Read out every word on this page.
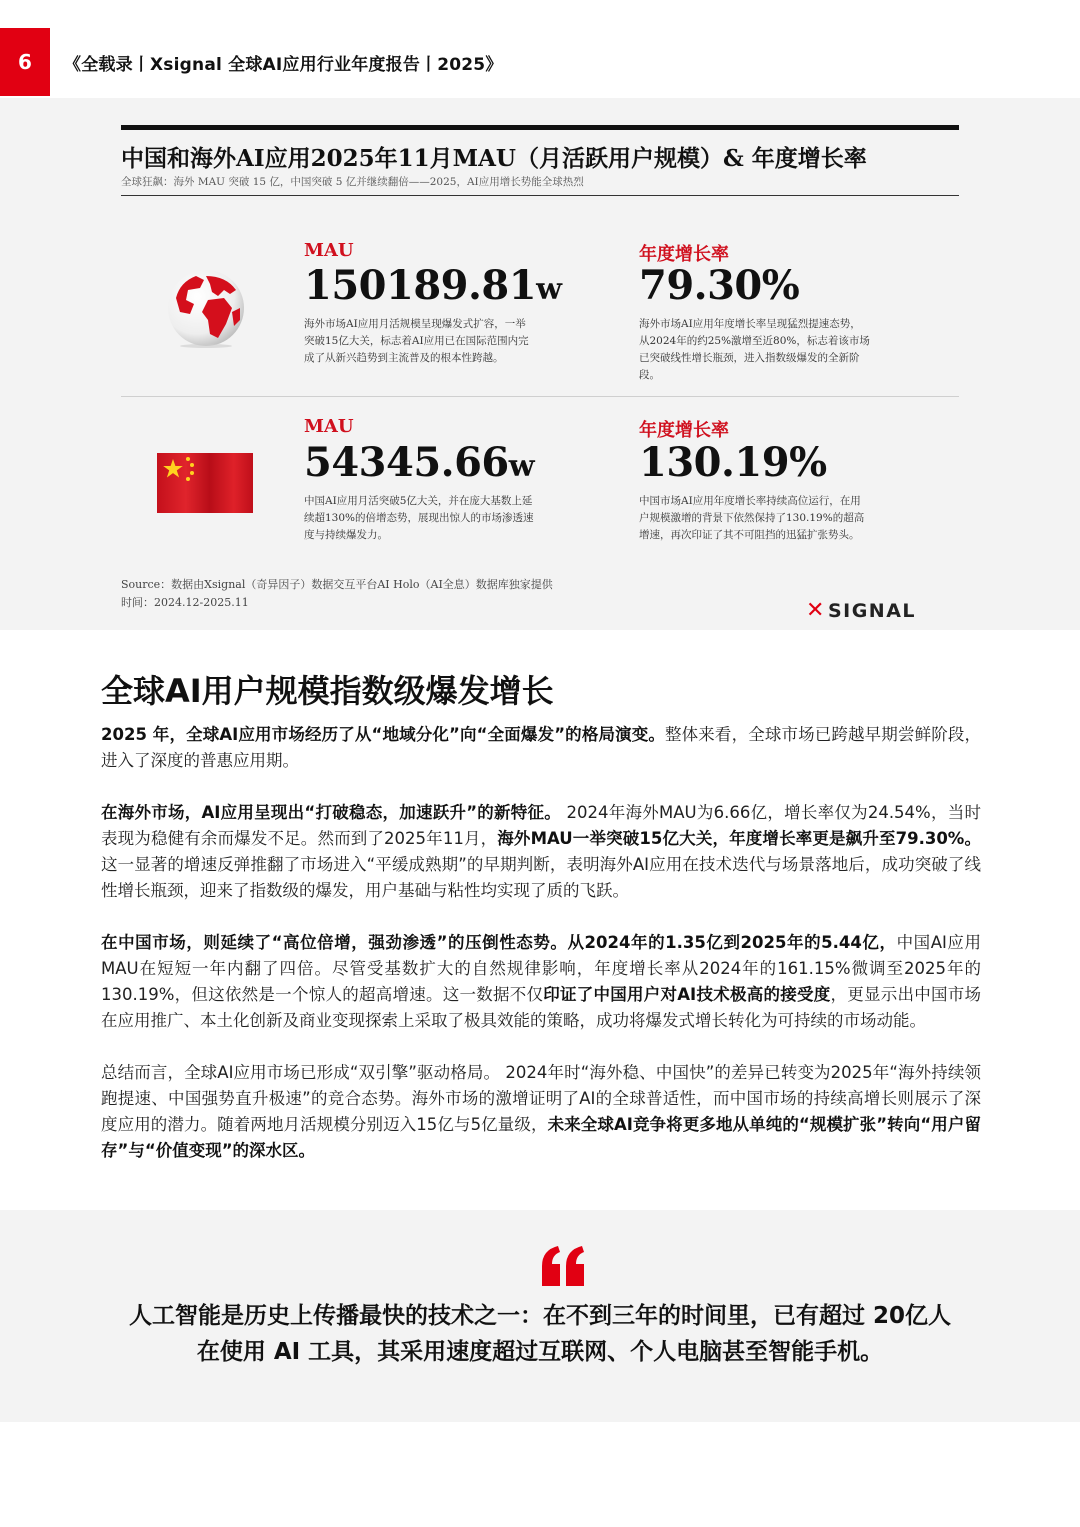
6	《全载录丨Xsignal 全球AI应用行业年度报告丨2025》
中国和海外AI应用2025年11月MAU（月活跃用户规模）& 年度增长率
全球狂飙：海外 MAU 突破 15 亿，中国突破 5 亿并继续翻倍——2025，AI应用增长势能全球热烈
MAU
150189.81w
海外市场AI应用月活规模呈现爆发式扩容，一举突破15亿大关，标志着AI应用已在国际范围内完成了从新兴趋势到主流普及的根本性跨越。
年度增长率
79.30%
海外市场AI应用年度增长率呈现猛烈提速态势，从2024年的约25%激增至近80%，标志着该市场已突破线性增长瓶颈，进入指数级爆发的全新阶段。
MAU
54345.66w
中国AI应用月活突破5亿大关，并在庞大基数上延续超130%的倍增态势，展现出惊人的市场渗透速度与持续爆发力。
年度增长率
130.19%
中国市场AI应用年度增长率持续高位运行，在用户规模激增的背景下依然保持了130.19%的超高增速，再次印证了其不可阻挡的迅猛扩张势头。
Source：数据由Xsignal（奇异因子）数据交互平台AI Holo（AI全息）数据库独家提供
时间：2024.12-2025.11	✕ SIGNAL
全球AI用户规模指数级爆发增长

2025 年，全球AI应用市场经历了从“地域分化”向“全面爆发”的格局演变。整体来看，全球市场已跨越早期尝鲜阶段，进入了深度的普惠应用期。

在海外市场，AI应用呈现出“打破稳态，加速跃升”的新特征。 2024年海外MAU为6.66亿，增长率仅为24.54%，当时表现为稳健有余而爆发不足。然而到了2025年11月，海外MAU一举突破15亿大关，年度增长率更是飙升至79.30%。这一显著的增速反弹推翻了市场进入“平缓成熟期”的早期判断，表明海外AI应用在技术迭代与场景落地后，成功突破了线性增长瓶颈，迎来了指数级的爆发，用户基础与粘性均实现了质的飞跃。

在中国市场，则延续了“高位倍增，强劲渗透”的压倒性态势。从2024年的1.35亿到2025年的5.44亿，中国AI应用MAU在短短一年内翻了四倍。尽管受基数扩大的自然规律影响，年度增长率从2024年的161.15%微调至2025年的130.19%，但这依然是一个惊人的超高增速。这一数据不仅印证了中国用户对AI技术极高的接受度，更显示出中国市场在应用推广、本土化创新及商业变现探索上采取了极具效能的策略，成功将爆发式增长转化为可持续的市场动能。

总结而言，全球AI应用市场已形成“双引擎”驱动格局。 2024年时“海外稳、中国快”的差异已转变为2025年“海外持续领跑提速、中国强势直升极速”的竞合态势。海外市场的激增证明了AI的全球普适性，而中国市场的持续高增长则展示了深度应用的潜力。随着两地月活规模分别迈入15亿与5亿量级，未来全球AI竞争将更多地从单纯的“规模扩张”转向“用户留存”与“价值变现”的深水区。

人工智能是历史上传播最快的技术之一：在不到三年的时间里，已有超过 20亿人
在使用 AI 工具，其采用速度超过互联网、个人电脑甚至智能手机。
